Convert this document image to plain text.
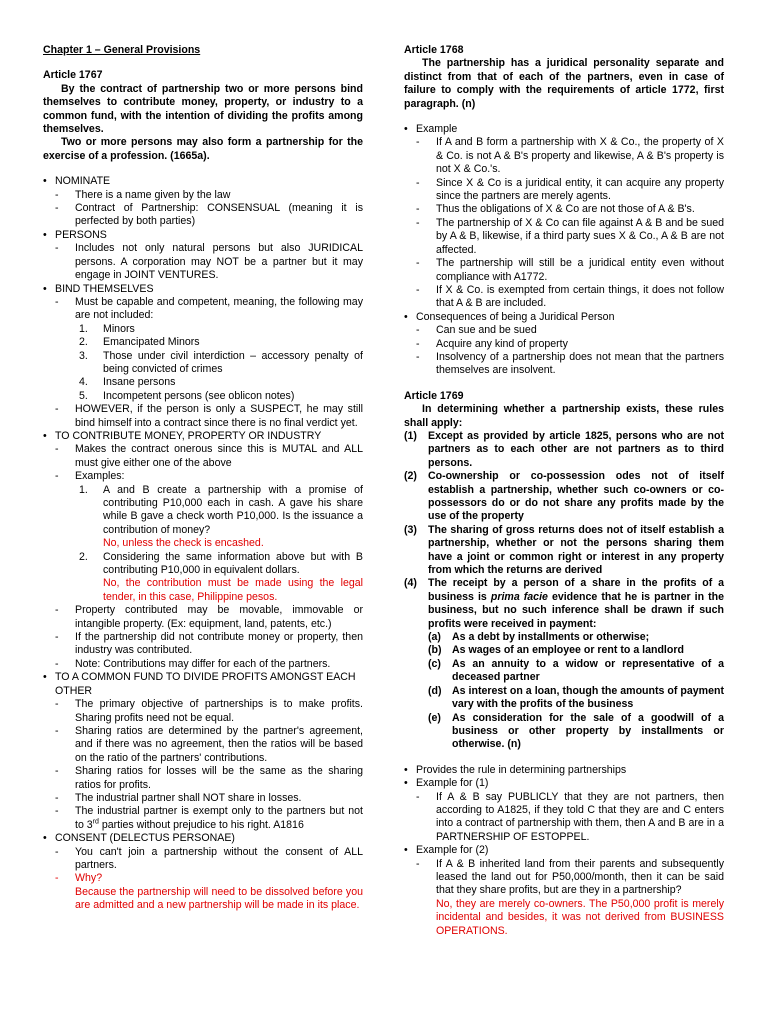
Chapter 1 – General Provisions
Article 1767
By the contract of partnership two or more persons bind themselves to contribute money, property, or industry to a common fund, with the intention of dividing the profits among themselves.
Two or more persons may also form a partnership for the exercise of a profession. (1665a).
• NOMINATE
- There is a name given by the law
- Contract of Partnership: CONSENSUAL (meaning it is perfected by both parties)
• PERSONS
- Includes not only natural persons but also JURIDICAL persons. A corporation may NOT be a partner but it may engage in JOINT VENTURES.
• BIND THEMSELVES
- Must be capable and competent, meaning, the following may are not included:
1. Minors
2. Emancipated Minors
3. Those under civil interdiction – accessory penalty of being convicted of crimes
4. Insane persons
5. Incompetent persons (see oblicon notes)
- HOWEVER, if the person is only a SUSPECT, he may still bind himself into a contract since there is no final verdict yet.
• TO CONTRIBUTE MONEY, PROPERTY OR INDUSTRY
- Makes the contract onerous since this is MUTAL and ALL must give either one of the above
- Examples:
1. A and B create a partnership with a promise of contributing P10,000 each in cash. A gave his share while B gave a check worth P10,000. Is the issuance a contribution of money?
No, unless the check is encashed.
2. Considering the same information above but with B contributing P10,000 in equivalent dollars.
No, the contribution must be made using the legal tender, in this case, Philippine pesos.
- Property contributed may be movable, immovable or intangible property. (Ex: equipment, land, patents, etc.)
- If the partnership did not contribute money or property, then industry was contributed.
- Note: Contributions may differ for each of the partners.
• TO A COMMON FUND TO DIVIDE PROFITS AMONGST EACH OTHER
- The primary objective of partnerships is to make profits. Sharing profits need not be equal.
- Sharing ratios are determined by the partner's agreement, and if there was no agreement, then the ratios will be based on the ratio of the partners' contributions.
- Sharing ratios for losses will be the same as the sharing ratios for profits.
- The industrial partner shall NOT share in losses.
- The industrial partner is exempt only to the partners but not to 3rd parties without prejudice to his right. A1816
• CONSENT (DELECTUS PERSONAE)
- You can't join a partnership without the consent of ALL partners.
- Why?
Because the partnership will need to be dissolved before you are admitted and a new partnership will be made in its place.
Article 1768
The partnership has a juridical personality separate and distinct from that of each of the partners, even in case of failure to comply with the requirements of article 1772, first paragraph. (n)
• Example
- If A and B form a partnership with X & Co., the property of X & Co. is not A & B's property and likewise, A & B's property is not X & Co.'s.
- Since X & Co is a juridical entity, it can acquire any property since the partners are merely agents.
- Thus the obligations of X & Co are not those of A & B's.
- The partnership of X & Co can file against A & B and be sued by A & B, likewise, if a third party sues X & Co., A & B are not affected.
- The partnership will still be a juridical entity even without compliance with A1772.
- If X & Co. is exempted from certain things, it does not follow that A & B are included.
• Consequences of being a Juridical Person
- Can sue and be sued
- Acquire any kind of property
- Insolvency of a partnership does not mean that the partners themselves are insolvent.
Article 1769
In determining whether a partnership exists, these rules shall apply:
(1) Except as provided by article 1825, persons who are not partners as to each other are not partners as to third persons.
(2) Co-ownership or co-possession odes not of itself establish a partnership, whether such co-owners or co-possessors do or do not share any profits made by the use of the property
(3) The sharing of gross returns does not of itself establish a partnership, whether or not the persons sharing them have a joint or common right or interest in any property from which the returns are derived
(4) The receipt by a person of a share in the profits of a business is prima facie evidence that he is partner in the business, but no such inference shall be drawn if such profits were received in payment:
(a) As a debt by installments or otherwise;
(b) As wages of an employee or rent to a landlord
(c) As an annuity to a widow or representative of a deceased partner
(d) As interest on a loan, though the amounts of payment vary with the profits of the business
(e) As consideration for the sale of a goodwill of a business or other property by installments or otherwise. (n)
• Provides the rule in determining partnerships
• Example for (1)
- If A & B say PUBLICLY that they are not partners, then according to A1825, if they told C that they are and C enters into a contract of partnership with them, then A and B are in a PARTNERSHIP OF ESTOPPEL.
• Example for (2)
- If A & B inherited land from their parents and subsequently leased the land out for P50,000/month, then it can be said that they share profits, but are they in a partnership?
No, they are merely co-owners. The P50,000 profit is merely incidental and besides, it was not derived from BUSINESS OPERATIONS.
